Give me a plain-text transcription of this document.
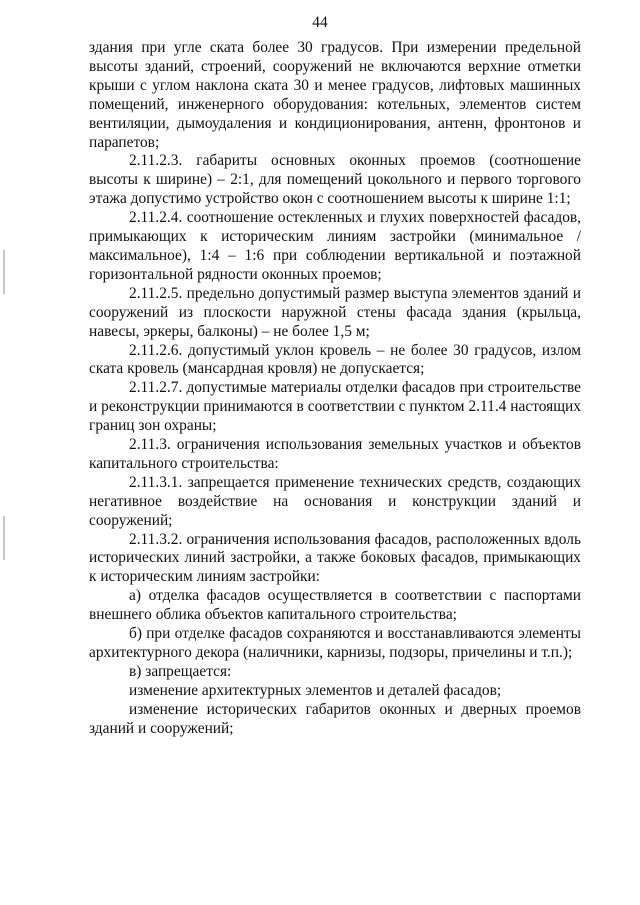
44

здания при угле ската более 30 градусов. При измерении предельной высоты зданий, строений, сооружений не включаются верхние отметки крыши с углом наклона ската 30 и менее градусов, лифтовых машинных помещений, инженерного оборудования: котельных, элементов систем вентиляции, дымоудаления и кондиционирования, антенн, фронтонов и парапетов;

2.11.2.3. габариты основных оконных проемов (соотношение высоты к ширине) – 2:1, для помещений цокольного и первого торгового этажа допустимо устройство окон с соотношением высоты к ширине 1:1;

2.11.2.4. соотношение остекленных и глухих поверхностей фасадов, примыкающих к историческим линиям застройки (минимальное / максимальное), 1:4 – 1:6 при соблюдении вертикальной и поэтажной горизонтальной рядности оконных проемов;

2.11.2.5. предельно допустимый размер выступа элементов зданий и сооружений из плоскости наружной стены фасада здания (крыльца, навесы, эркеры, балконы) – не более 1,5 м;

2.11.2.6. допустимый уклон кровель – не более 30 градусов, излом ската кровель (мансардная кровля) не допускается;

2.11.2.7. допустимые материалы отделки фасадов при строительстве и реконструкции принимаются в соответствии с пунктом 2.11.4 настоящих границ зон охраны;

2.11.3. ограничения использования земельных участков и объектов капитального строительства:

2.11.3.1. запрещается применение технических средств, создающих негативное воздействие на основания и конструкции зданий и сооружений;

2.11.3.2. ограничения использования фасадов, расположенных вдоль исторических линий застройки, а также боковых фасадов, примыкающих к историческим линиям застройки:

а) отделка фасадов осуществляется в соответствии с паспортами внешнего облика объектов капитального строительства;

б) при отделке фасадов сохраняются и восстанавливаются элементы архитектурного декора (наличники, карнизы, подзоры, причелины и т.п.);

в) запрещается:

изменение архитектурных элементов и деталей фасадов;

изменение исторических габаритов оконных и дверных проемов зданий и сооружений;
